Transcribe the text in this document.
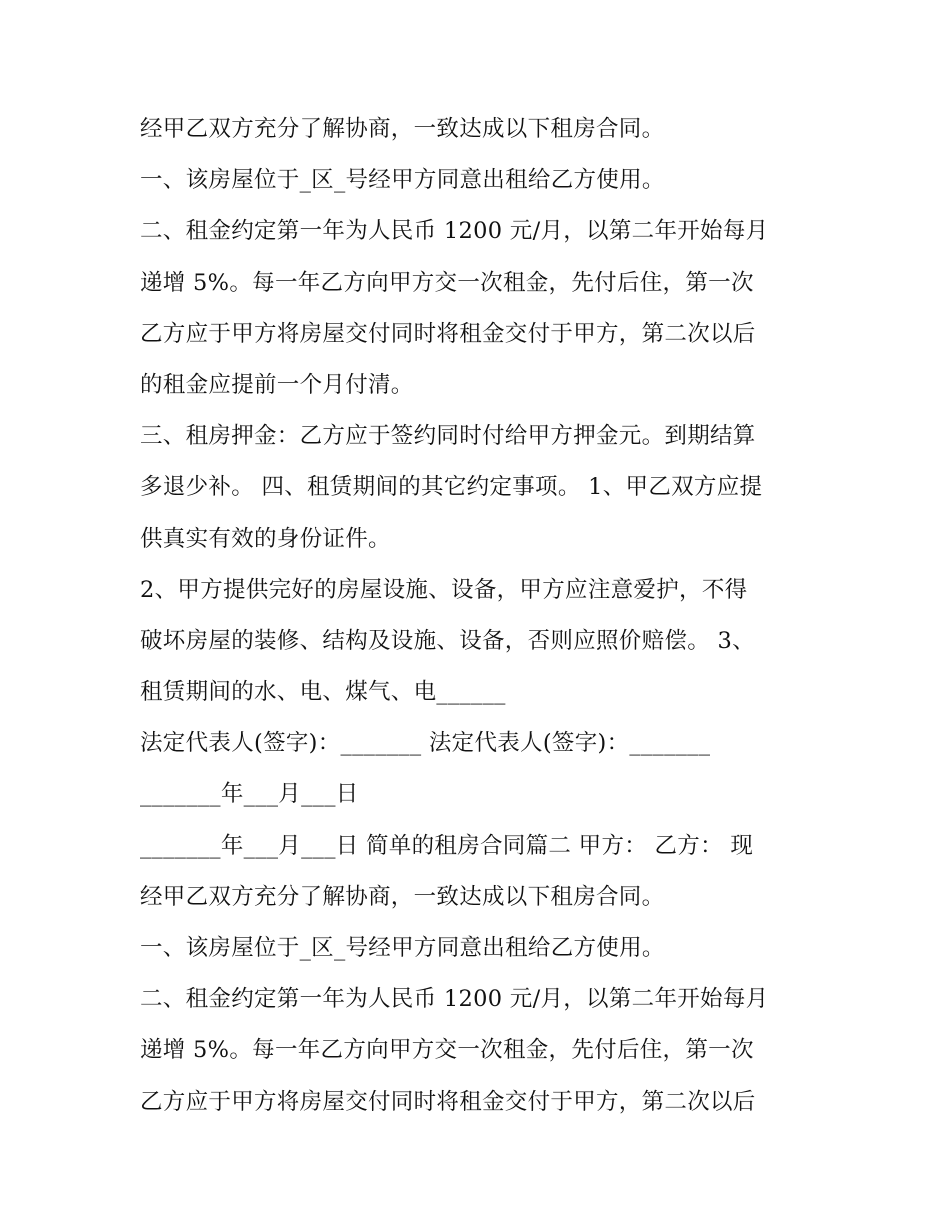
经甲乙双方充分了解协商，一致达成以下租房合同。
一、该房屋位于_区_号经甲方同意出租给乙方使用。
二、租金约定第一年为人民币 1200 元/月，以第二年开始每月
递增 5%。每一年乙方向甲方交一次租金，先付后住，第一次
乙方应于甲方将房屋交付同时将租金交付于甲方，第二次以后
的租金应提前一个月付清。
三、租房押金：乙方应于签约同时付给甲方押金元。到期结算
多退少补。 四、租赁期间的其它约定事项。 1、甲乙双方应提
供真实有效的身份证件。
2、甲方提供完好的房屋设施、设备，甲方应注意爱护，不得
破坏房屋的装修、结构及设施、设备，否则应照价赔偿。 3、
租赁期间的水、电、煤气、电______
法定代表人(签字)：_______ 法定代表人(签字)：_______
_______年___月___日
_______年___月___日 简单的租房合同篇二 甲方： 乙方： 现
经甲乙双方充分了解协商，一致达成以下租房合同。
一、该房屋位于_区_号经甲方同意出租给乙方使用。
二、租金约定第一年为人民币 1200 元/月，以第二年开始每月
递增 5%。每一年乙方向甲方交一次租金，先付后住，第一次
乙方应于甲方将房屋交付同时将租金交付于甲方，第二次以后
